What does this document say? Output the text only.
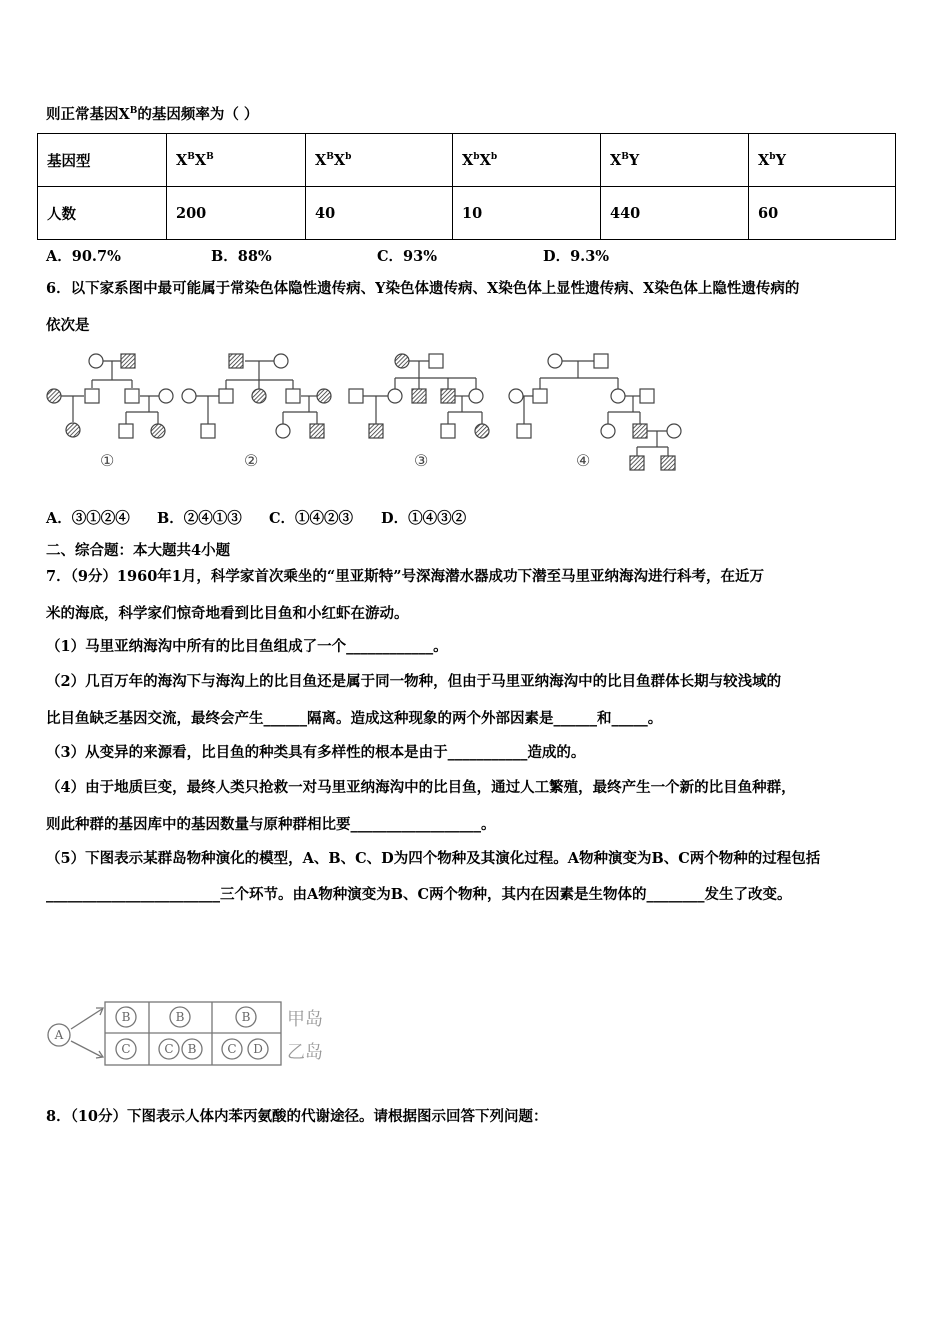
则正常基因$X^B$的基因频率为（ ）
基因型	$X^BX^B$	$X^BX^b$	$X^bX^b$	$X^BY$	$X^bY$
人数	200	40	10	440	60
A．90.7%	B．88%	C．93%	D．9.3%
6．以下家系图中最可能属于常染色体隐性遗传病、Y染色体遗传病、X染色体上显性遗传病、X染色体上隐性遗传病的
依次是
①	②	③	④
A．③①②④ B．②④①③ C．①④②③ D．①④③②
二、综合题：本大题共4小题
7．（9分）1960年1月，科学家首次乘坐的“里亚斯特”号深海潜水器成功下潜至马里亚纳海沟进行科考，在近万
米的海底，科学家们惊奇地看到比目鱼和小红虾在游动。
（1）马里亚纳海沟中所有的比目鱼组成了一个____________。
（2）几百万年的海沟下与海沟上的比目鱼还是属于同一物种，但由于马里亚纳海沟中的比目鱼群体长期与较浅域的
比目鱼缺乏基因交流，最终会产生______隔离。造成这种现象的两个外部因素是______和_____。
（3）从变异的来源看，比目鱼的种类具有多样性的根本是由于___________造成的。
（4）由于地质巨变，最终人类只抢救一对马里亚纳海沟中的比目鱼，通过人工繁殖，最终产生一个新的比目鱼种群，
则此种群的基因库中的基因数量与原种群相比要__________________。
（5）下图表示某群岛物种演化的模型，A、B、C、D为四个物种及其演化过程。A物种演变为B、C两个物种的过程包括
________________________三个环节。由A物种演变为B、C两个物种，其内在因素是生物体的________发生了改变。
A
B	B	B
C	C B	C D
甲岛
乙岛
8．（10分）下图表示人体内苯丙氨酸的代谢途径。请根据图示回答下列问题：
